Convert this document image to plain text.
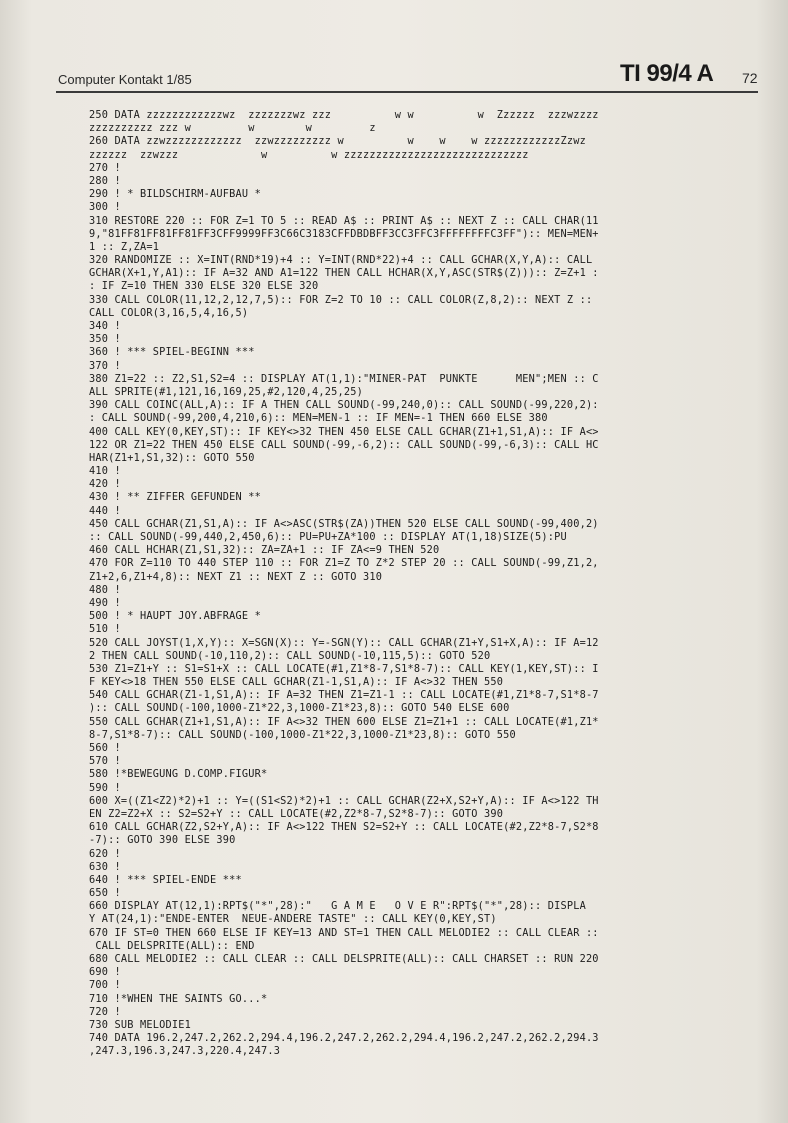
Computer Kontakt 1/85	TI 99/4 A 72
250 DATA zzzzzzzzzzzzwz  zzzzzzzwz zzz          w w          w  Zzzzzz  zzzwzzzz
zzzzzzzzzz zzz w         w        w         z
260 DATA zzwzzzzzzzzzzzz  zzwzzzzzzzzz w          w    w    w zzzzzzzzzzzzZzwz
zzzzzz  zzwzzz             w          w zzzzzzzzzzzzzzzzzzzzzzzzzzzzz
270 !
280 !
290 ! * BILDSCHIRM-AUFBAU *
300 !
310 RESTORE 220 :: FOR Z=1 TO 5 :: READ A$ :: PRINT A$ :: NEXT Z :: CALL CHAR(11
9,"81FF81FF81FF81FF3CFF9999FF3C66C3183CFFDBDBFF3CC3FFC3FFFFFFFFC3FF"):: MEN=MEN+
1 :: Z,ZA=1
320 RANDOMIZE :: X=INT(RND*19)+4 :: Y=INT(RND*22)+4 :: CALL GCHAR(X,Y,A):: CALL
GCHAR(X+1,Y,A1):: IF A=32 AND A1=122 THEN CALL HCHAR(X,Y,ASC(STR$(Z))):: Z=Z+1 :
: IF Z=10 THEN 330 ELSE 320 ELSE 320
330 CALL COLOR(11,12,2,12,7,5):: FOR Z=2 TO 10 :: CALL COLOR(Z,8,2):: NEXT Z ::
CALL COLOR(3,16,5,4,16,5)
340 !
350 !
360 ! *** SPIEL-BEGINN ***
370 !
380 Z1=22 :: Z2,S1,S2=4 :: DISPLAY AT(1,1):"MINER-PAT  PUNKTE      MEN";MEN :: C
ALL SPRITE(#1,121,16,169,25,#2,120,4,25,25)
390 CALL COINC(ALL,A):: IF A THEN CALL SOUND(-99,240,0):: CALL SOUND(-99,220,2):
: CALL SOUND(-99,200,4,210,6):: MEN=MEN-1 :: IF MEN=-1 THEN 660 ELSE 380
400 CALL KEY(0,KEY,ST):: IF KEY<>32 THEN 450 ELSE CALL GCHAR(Z1+1,S1,A):: IF A<>
122 OR Z1=22 THEN 450 ELSE CALL SOUND(-99,-6,2):: CALL SOUND(-99,-6,3):: CALL HC
HAR(Z1+1,S1,32):: GOTO 550
410 !
420 !
430 ! ** ZIFFER GEFUNDEN **
440 !
450 CALL GCHAR(Z1,S1,A):: IF A<>ASC(STR$(ZA))THEN 520 ELSE CALL SOUND(-99,400,2)
:: CALL SOUND(-99,440,2,450,6):: PU=PU+ZA*100 :: DISPLAY AT(1,18)SIZE(5):PU
460 CALL HCHAR(Z1,S1,32):: ZA=ZA+1 :: IF ZA<=9 THEN 520
470 FOR Z=110 TO 440 STEP 110 :: FOR Z1=Z TO Z*2 STEP 20 :: CALL SOUND(-99,Z1,2,
Z1+2,6,Z1+4,8):: NEXT Z1 :: NEXT Z :: GOTO 310
480 !
490 !
500 ! * HAUPT JOY.ABFRAGE *
510 !
520 CALL JOYST(1,X,Y):: X=SGN(X):: Y=-SGN(Y):: CALL GCHAR(Z1+Y,S1+X,A):: IF A=12
2 THEN CALL SOUND(-10,110,2):: CALL SOUND(-10,115,5):: GOTO 520
530 Z1=Z1+Y :: S1=S1+X :: CALL LOCATE(#1,Z1*8-7,S1*8-7):: CALL KEY(1,KEY,ST):: I
F KEY<>18 THEN 550 ELSE CALL GCHAR(Z1-1,S1,A):: IF A<>32 THEN 550
540 CALL GCHAR(Z1-1,S1,A):: IF A=32 THEN Z1=Z1-1 :: CALL LOCATE(#1,Z1*8-7,S1*8-7
):: CALL SOUND(-100,1000-Z1*22,3,1000-Z1*23,8):: GOTO 540 ELSE 600
550 CALL GCHAR(Z1+1,S1,A):: IF A<>32 THEN 600 ELSE Z1=Z1+1 :: CALL LOCATE(#1,Z1*
8-7,S1*8-7):: CALL SOUND(-100,1000-Z1*22,3,1000-Z1*23,8):: GOTO 550
560 !
570 !
580 !*BEWEGUNG D.COMP.FIGUR*
590 !
600 X=((Z1<Z2)*2)+1 :: Y=((S1<S2)*2)+1 :: CALL GCHAR(Z2+X,S2+Y,A):: IF A<>122 TH
EN Z2=Z2+X :: S2=S2+Y :: CALL LOCATE(#2,Z2*8-7,S2*8-7):: GOTO 390
610 CALL GCHAR(Z2,S2+Y,A):: IF A<>122 THEN S2=S2+Y :: CALL LOCATE(#2,Z2*8-7,S2*8
-7):: GOTO 390 ELSE 390
620 !
630 !
640 ! *** SPIEL-ENDE ***
650 !
660 DISPLAY AT(12,1):RPT$("*",28):"   G A M E   O V E R":RPT$("*",28):: DISPLA
Y AT(24,1):"ENDE-ENTER  NEUE-ANDERE TASTE" :: CALL KEY(0,KEY,ST)
670 IF ST=0 THEN 660 ELSE IF KEY=13 AND ST=1 THEN CALL MELODIE2 :: CALL CLEAR ::
CALL DELSPRITE(ALL):: END
680 CALL MELODIE2 :: CALL CLEAR :: CALL DELSPRITE(ALL):: CALL CHARSET :: RUN 220
690 !
700 !
710 !*WHEN THE SAINTS GO...*
720 !
730 SUB MELODIE1
740 DATA 196.2,247.2,262.2,294.4,196.2,247.2,262.2,294.4,196.2,247.2,262.2,294.3
,247.3,196.3,247.3,220.4,247.3
